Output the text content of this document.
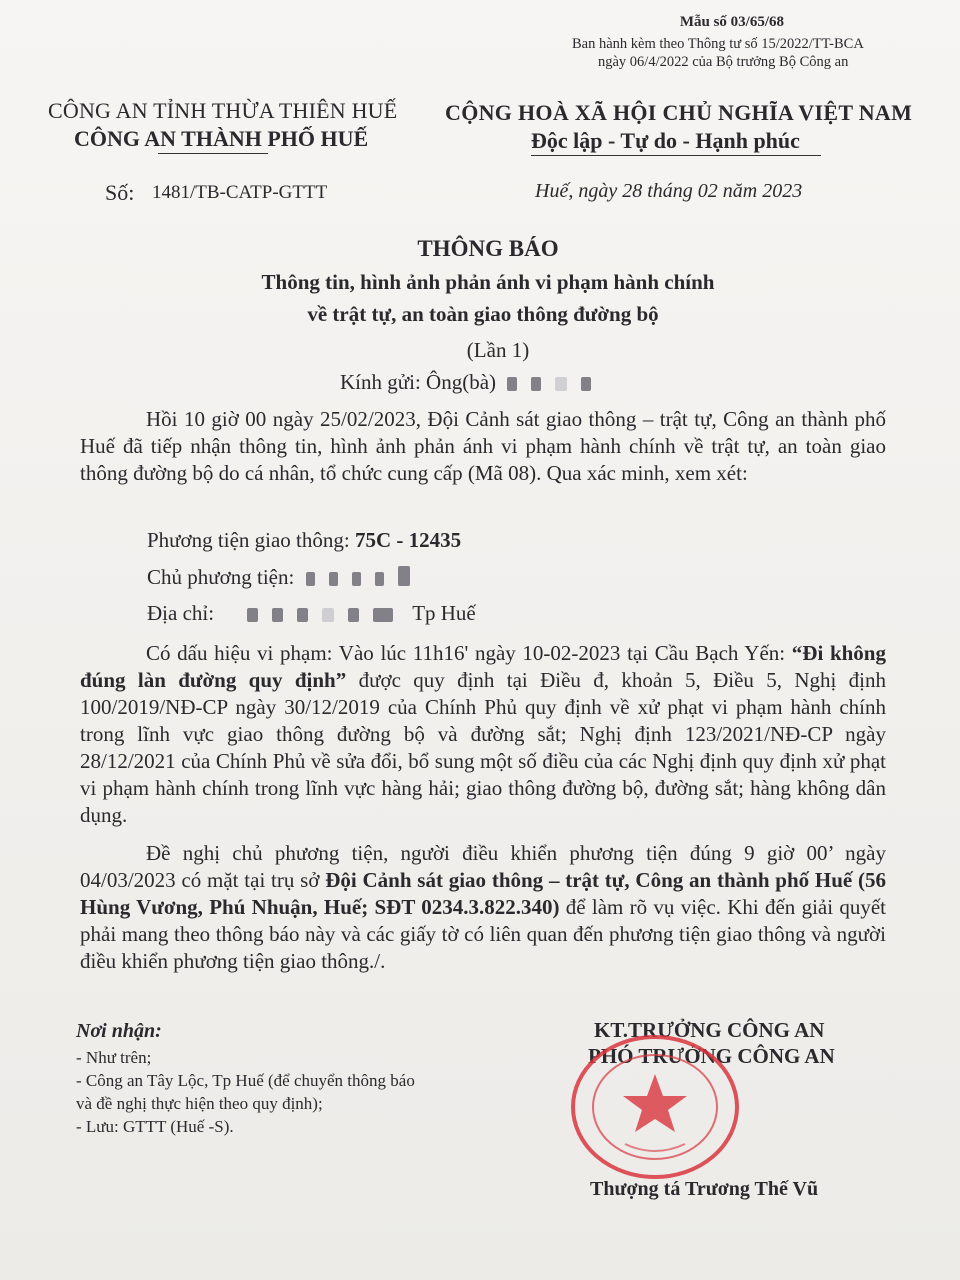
Mẫu số 03/65/68
Ban hành kèm theo Thông tư số 15/2022/TT-BCA
ngày 06/4/2022 của Bộ trưởng Bộ Công an
CÔNG AN TỈNH THỪA THIÊN HUẾ
CÔNG AN THÀNH PHỐ HUẾ
CỘNG HOÀ XÃ HỘI CHỦ NGHĨA VIỆT NAM
Độc lập - Tự do - Hạnh phúc
Số: 1481/TB-CATP-GTTT	Huế, ngày 28 tháng 02 năm 2023
THÔNG BÁO
Thông tin, hình ảnh phản ánh vi phạm hành chính
về trật tự, an toàn giao thông đường bộ
(Lần 1)
Kính gửi: Ông(bà)
Hồi 10 giờ 00 ngày 25/02/2023, Đội Cảnh sát giao thông – trật tự, Công an thành phố Huế đã tiếp nhận thông tin, hình ảnh phản ánh vi phạm hành chính về trật tự, an toàn giao thông đường bộ do cá nhân, tổ chức cung cấp (Mã 08). Qua xác minh, xem xét:
Phương tiện giao thông: 75C - 12435
Chủ phương tiện:
Địa chỉ:	Tp Huế
Có dấu hiệu vi phạm: Vào lúc 11h16' ngày 10-02-2023 tại Cầu Bạch Yến: “Đi không đúng làn đường quy định” được quy định tại Điều đ, khoản 5, Điều 5, Nghị định 100/2019/NĐ-CP ngày 30/12/2019 của Chính Phủ quy định về xử phạt vi phạm hành chính trong lĩnh vực giao thông đường bộ và đường sắt; Nghị định 123/2021/NĐ-CP ngày 28/12/2021 của Chính Phủ về sửa đổi, bổ sung một số điều của các Nghị định quy định xử phạt vi phạm hành chính trong lĩnh vực hàng hải; giao thông đường bộ, đường sắt; hàng không dân dụng.
Đề nghị chủ phương tiện, người điều khiển phương tiện đúng 9 giờ 00’ ngày 04/03/2023 có mặt tại trụ sở Đội Cảnh sát giao thông – trật tự, Công an thành phố Huế (56 Hùng Vương, Phú Nhuận, Huế; SĐT 0234.3.822.340) để làm rõ vụ việc. Khi đến giải quyết phải mang theo thông báo này và các giấy tờ có liên quan đến phương tiện giao thông và người điều khiển phương tiện giao thông./.
Nơi nhận:
- Như trên;
- Công an Tây Lộc, Tp Huế (để chuyển thông báo
và đề nghị thực hiện theo quy định);
- Lưu: GTTT (Huế -S).
KT.TRƯỞNG CÔNG AN
PHÓ TRƯỞNG CÔNG AN
Thượng tá Trương Thế Vũ
